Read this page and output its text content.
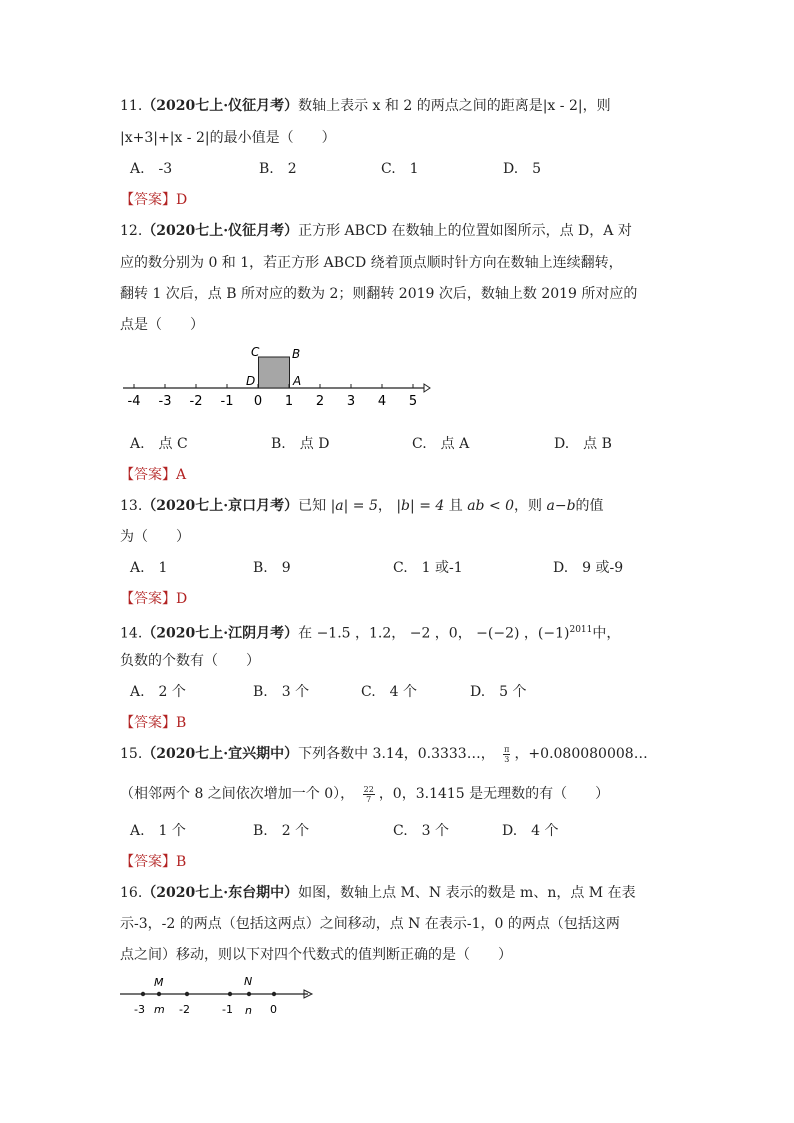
11.（2020七上·仪征月考）数轴上表示 x 和 2 的两点之间的距离是|x - 2|，则
|x+3|+|x - 2|的最小值是（　　）
A.　-3	B.　2	C.　1	D.　5
【答案】D
12.（2020七上·仪征月考）正方形 ABCD 在数轴上的位置如图所示，点 D，A 对
应的数分别为 0 和 1，若正方形 ABCD 绕着顶点顺时针方向在数轴上连续翻转，
翻转 1 次后，点 B 所对应的数为 2；则翻转 2019 次后，数轴上数 2019 所对应的
点是（　　）
-4 -3 -2 -1 0 1 2 3 4 5
C	B
D	A
A.　点 C	B.　点 D	C.　点 A	D.　点 B
【答案】A
13.（2020七上·京口月考）已知 |a| = 5， |b| = 4 且 ab < 0，则 a−b的值
为（　　）
A.　1	B.　9	C.　1 或-1	D.　9 或-9
【答案】D
14.（2020七上·江阴月考）在 −1.5 ，1.2， −2 ，0， −(−2) ，$(-1)^{2011}$中，
负数的个数有（　　）
A.　2 个	B.　3 个	C.　4 个	D.　5 个
【答案】B
15.（2020七上·宜兴期中）下列各数中 3.14，0.3333…， $\frac{\pi}{3}$ ，+0.080080008…
（相邻两个 8 之间依次增加一个 0）， $\frac{22}{7}$ ，0，3.1415 是无理数的有（　　）
A.　1 个	B.　2 个	C.　3 个	D.　4 个
【答案】B
16.（2020七上·东台期中）如图，数轴上点 M、N 表示的数是 m、n，点 M 在表
示-3，-2 的两点（包括这两点）之间移动，点 N 在表示-1，0 的两点（包括这两
点之间）移动，则以下对四个代数式的值判断正确的是（　　）
M	N
-3 m -2	-1 n 0
